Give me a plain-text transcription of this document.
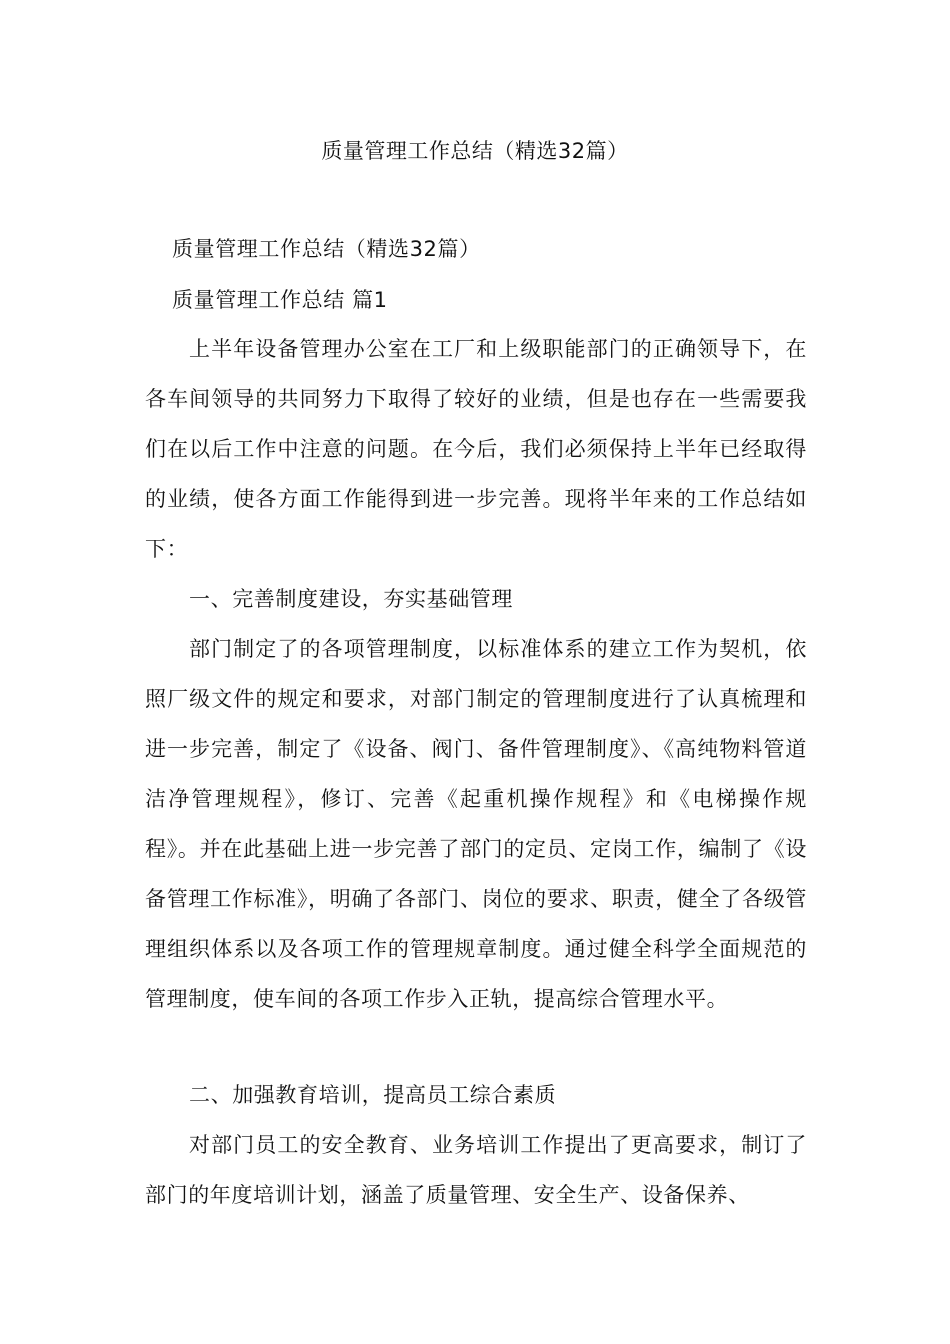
质量管理工作总结（精选32篇）
质量管理工作总结（精选32篇）
质量管理工作总结 篇1

上半年设备管理办公室在工厂和上级职能部门的正确领导下，在各车间领导的共同努力下取得了较好的业绩，但是也存在一些需要我们在以后工作中注意的问题。在今后，我们必须保持上半年已经取得的业绩，使各方面工作能得到进一步完善。现将半年来的工作总结如下：

一、完善制度建设，夯实基础管理

部门制定了的各项管理制度，以标准体系的建立工作为契机，依照厂级文件的规定和要求，对部门制定的管理制度进行了认真梳理和进一步完善，制定了《设备、阀门、备件管理制度》、《高纯物料管道洁净管理规程》，修订、完善《起重机操作规程》和《电梯操作规程》。并在此基础上进一步完善了部门的定员、定岗工作，编制了《设备管理工作标准》，明确了各部门、岗位的要求、职责，健全了各级管理组织体系以及各项工作的管理规章制度。通过健全科学全面规范的管理制度，使车间的各项工作步入正轨，提高综合管理水平。

二、加强教育培训，提高员工综合素质

对部门员工的安全教育、业务培训工作提出了更高要求，制订了部门的年度培训计划，涵盖了质量管理、安全生产、设备保养、
